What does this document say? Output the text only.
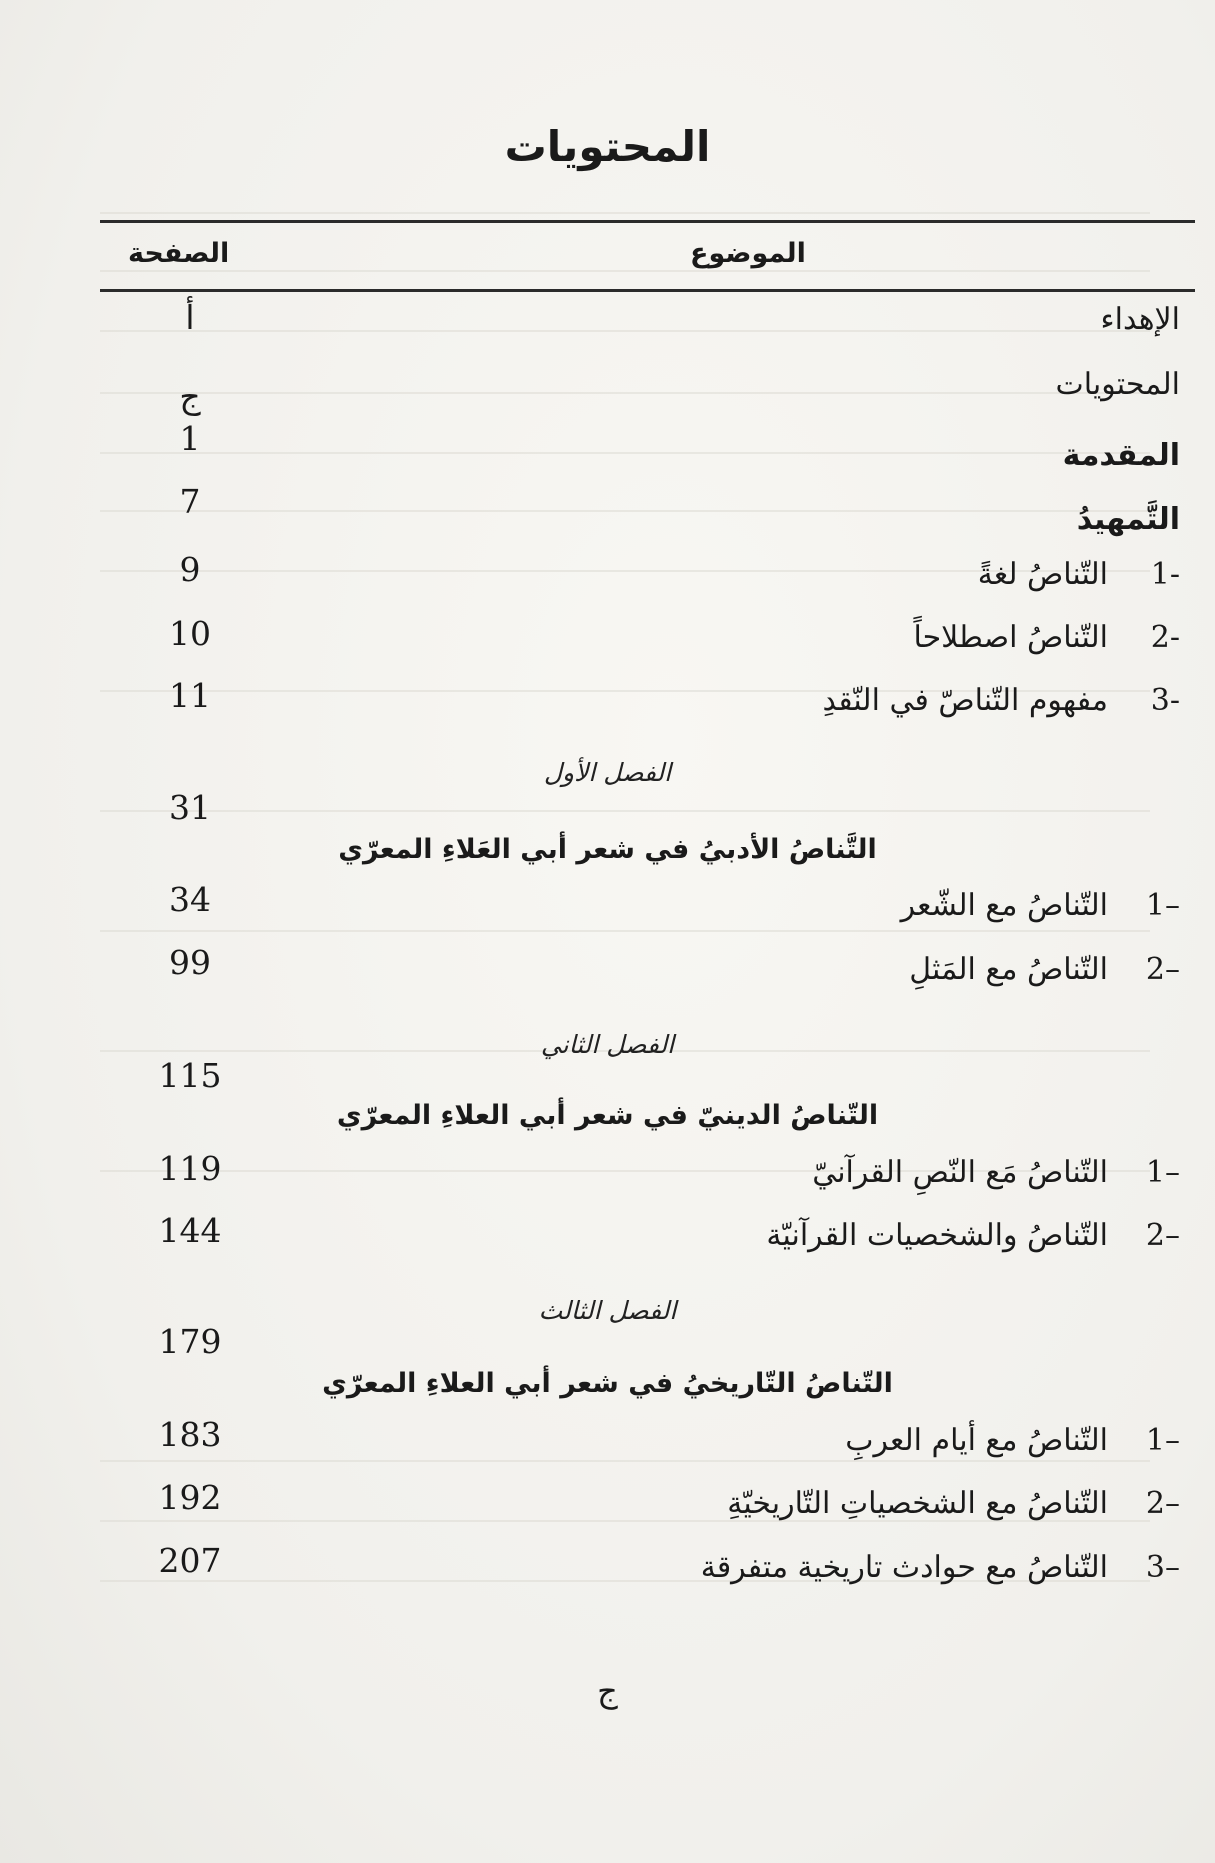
المحتويات
الموضوع
الصفحة
الإهداء
أ
المحتويات
ج
المقدمة
1
التَّمهيدُ
7
-1التّناصُ لغةً
9
-2التّناصُ اصطلاحاً
10
-3مفهوم التّناصّ في النّقدِ
11
الفصل الأول
31
التَّناصُ الأدبيُ في شعر أبي العَلاءِ المعرّي
–1التّناصُ مع الشّعر
34
–2التّناصُ مع المَثلِ
99
الفصل الثاني
115
التّناصُ الدينيّ في شعر أبي العلاءِ المعرّي
–1التّناصُ مَع النّصِ القرآنيّ
119
–2التّناصُ والشخصيات القرآنيّة
144
الفصل الثالث
179
التّناصُ التّاريخيُ في شعر أبي العلاءِ المعرّي
–1التّناصُ مع أيام العربِ
183
–2التّناصُ مع الشخصياتِ التّاريخيّةِ
192
–3التّناصُ مع حوادث تاريخية متفرقة
207
ج
